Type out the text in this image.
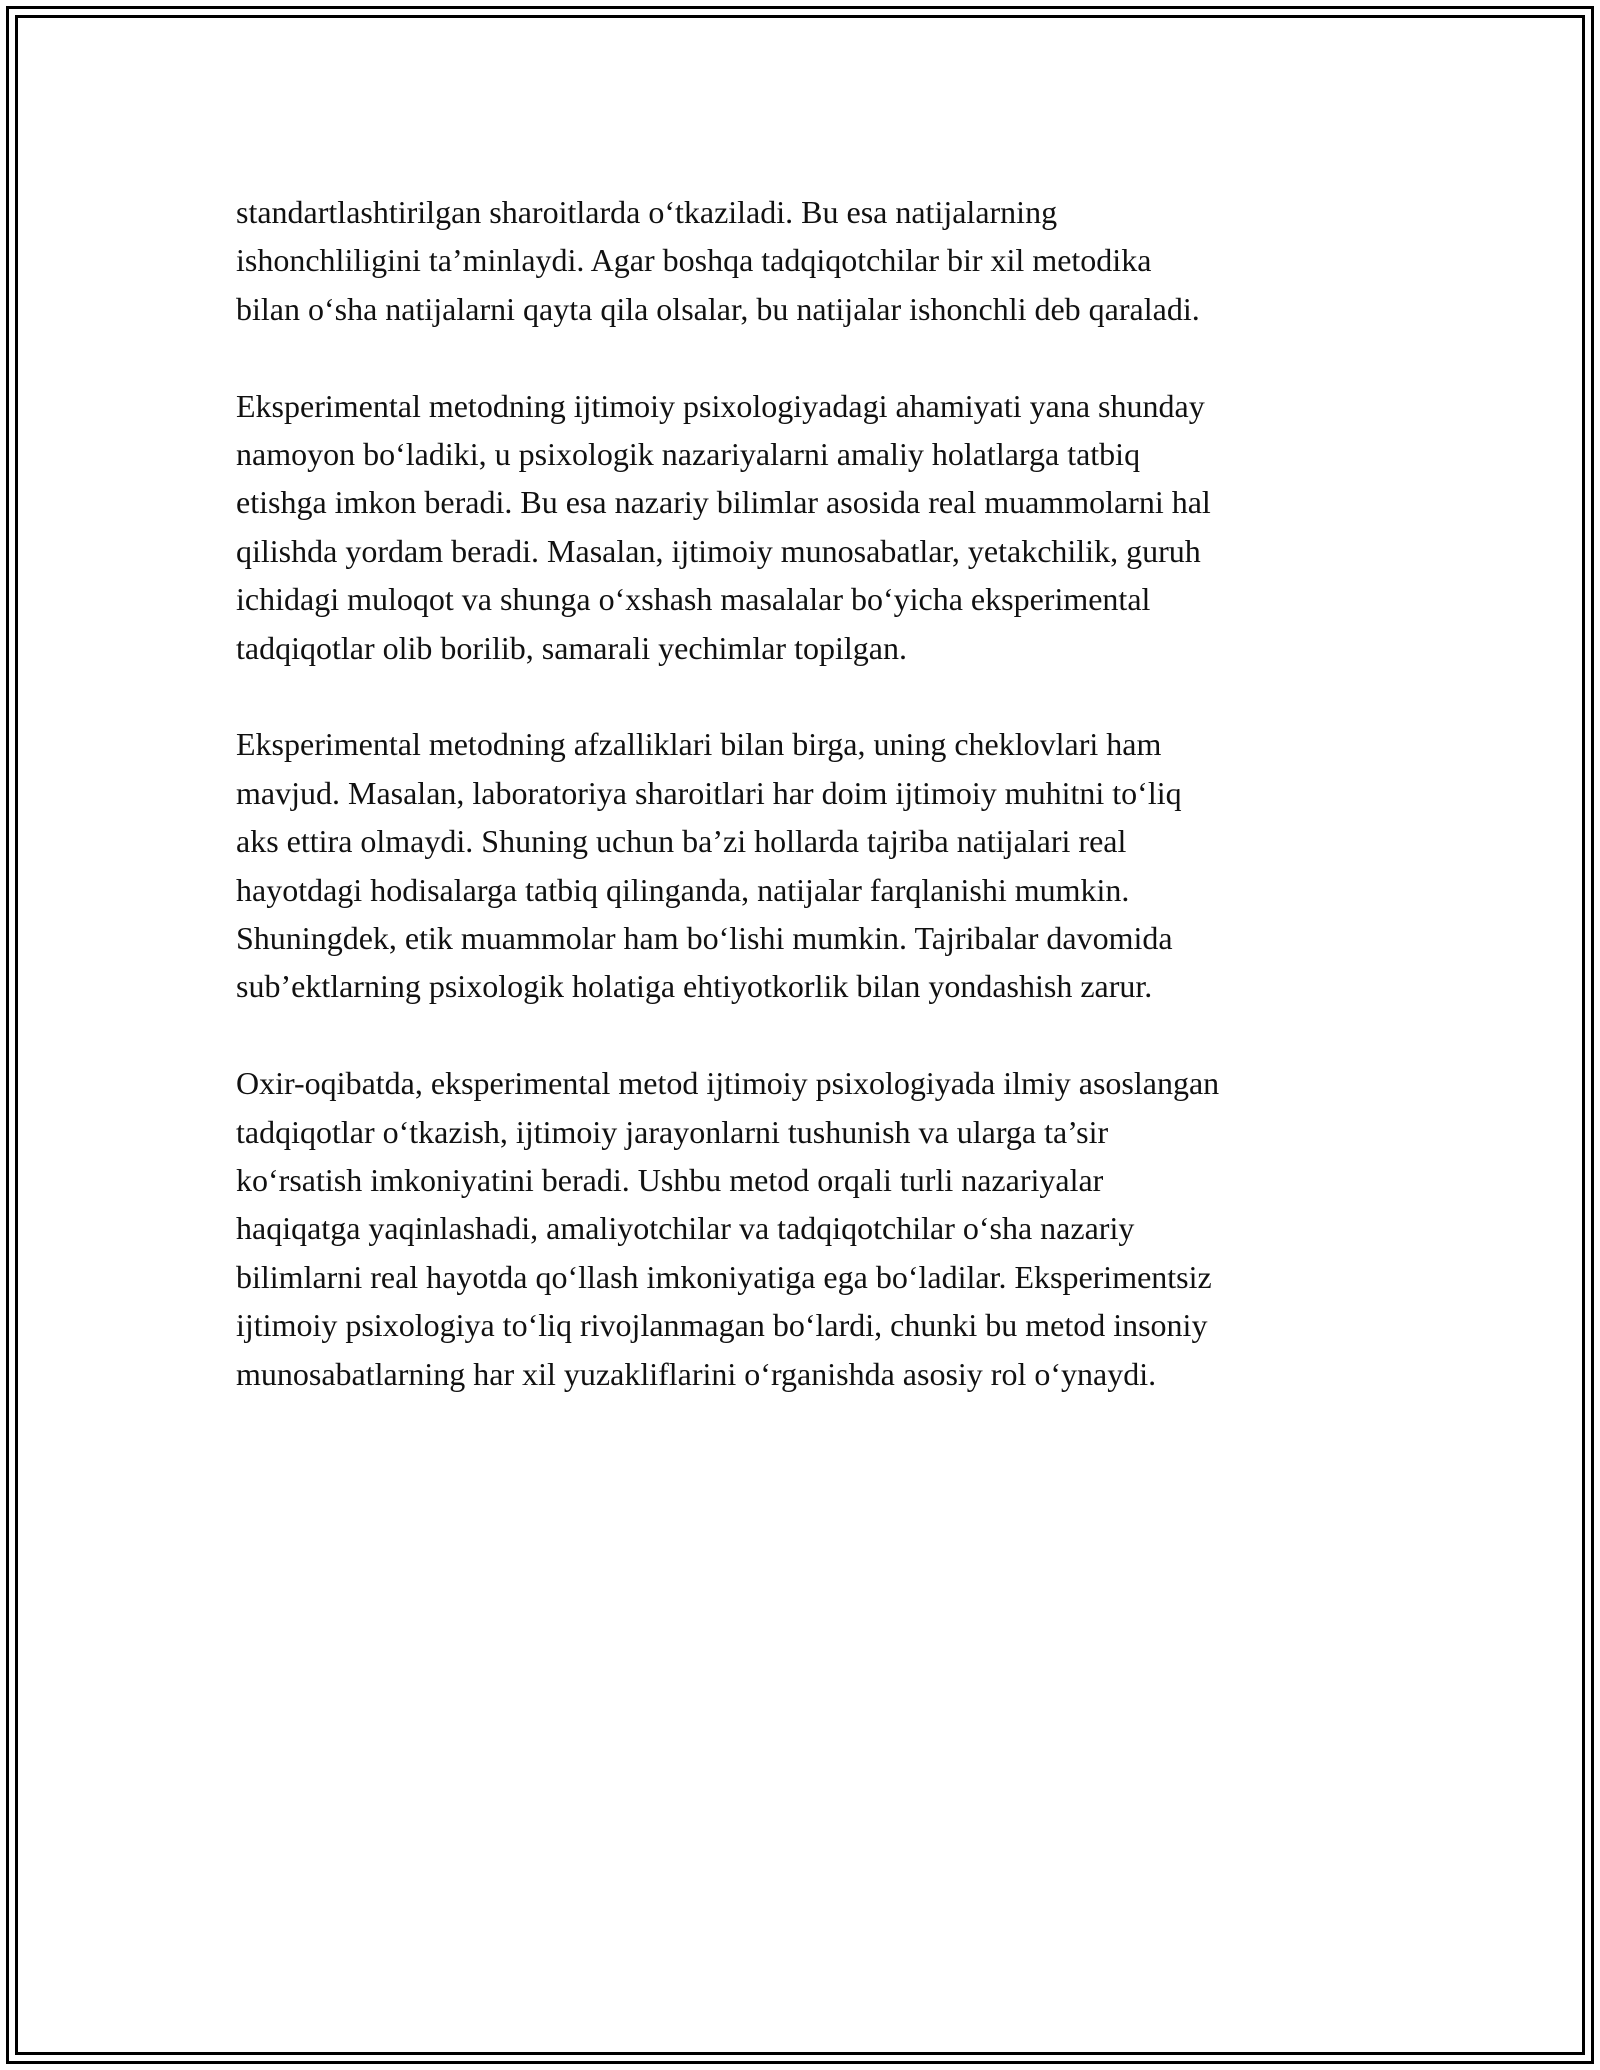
standartlashtirilgan sharoitlarda o‘tkaziladi. Bu esa natijalarning
ishonchliligini ta’minlaydi. Agar boshqa tadqiqotchilar bir xil metodika
bilan o‘sha natijalarni qayta qila olsalar, bu natijalar ishonchli deb qaraladi.

Eksperimental metodning ijtimoiy psixologiyadagi ahamiyati yana shunday
namoyon bo‘ladiki, u psixologik nazariyalarni amaliy holatlarga tatbiq
etishga imkon beradi. Bu esa nazariy bilimlar asosida real muammolarni hal
qilishda yordam beradi. Masalan, ijtimoiy munosabatlar, yetakchilik, guruh
ichidagi muloqot va shunga o‘xshash masalalar bo‘yicha eksperimental
tadqiqotlar olib borilib, samarali yechimlar topilgan.

Eksperimental metodning afzalliklari bilan birga, uning cheklovlari ham
mavjud. Masalan, laboratoriya sharoitlari har doim ijtimoiy muhitni to‘liq
aks ettira olmaydi. Shuning uchun ba’zi hollarda tajriba natijalari real
hayotdagi hodisalarga tatbiq qilinganda, natijalar farqlanishi mumkin.
Shuningdek, etik muammolar ham bo‘lishi mumkin. Tajribalar davomida
sub’ektlarning psixologik holatiga ehtiyotkorlik bilan yondashish zarur.

Oxir-oqibatda, eksperimental metod ijtimoiy psixologiyada ilmiy asoslangan
tadqiqotlar o‘tkazish, ijtimoiy jarayonlarni tushunish va ularga ta’sir
ko‘rsatish imkoniyatini beradi. Ushbu metod orqali turli nazariyalar
haqiqatga yaqinlashadi, amaliyotchilar va tadqiqotchilar o‘sha nazariy
bilimlarni real hayotda qo‘llash imkoniyatiga ega bo‘ladilar. Eksperimentsiz
ijtimoiy psixologiya to‘liq rivojlanmagan bo‘lardi, chunki bu metod insoniy
munosabatlarning har xil yuzakliflarini o‘rganishda asosiy rol o‘ynaydi.
